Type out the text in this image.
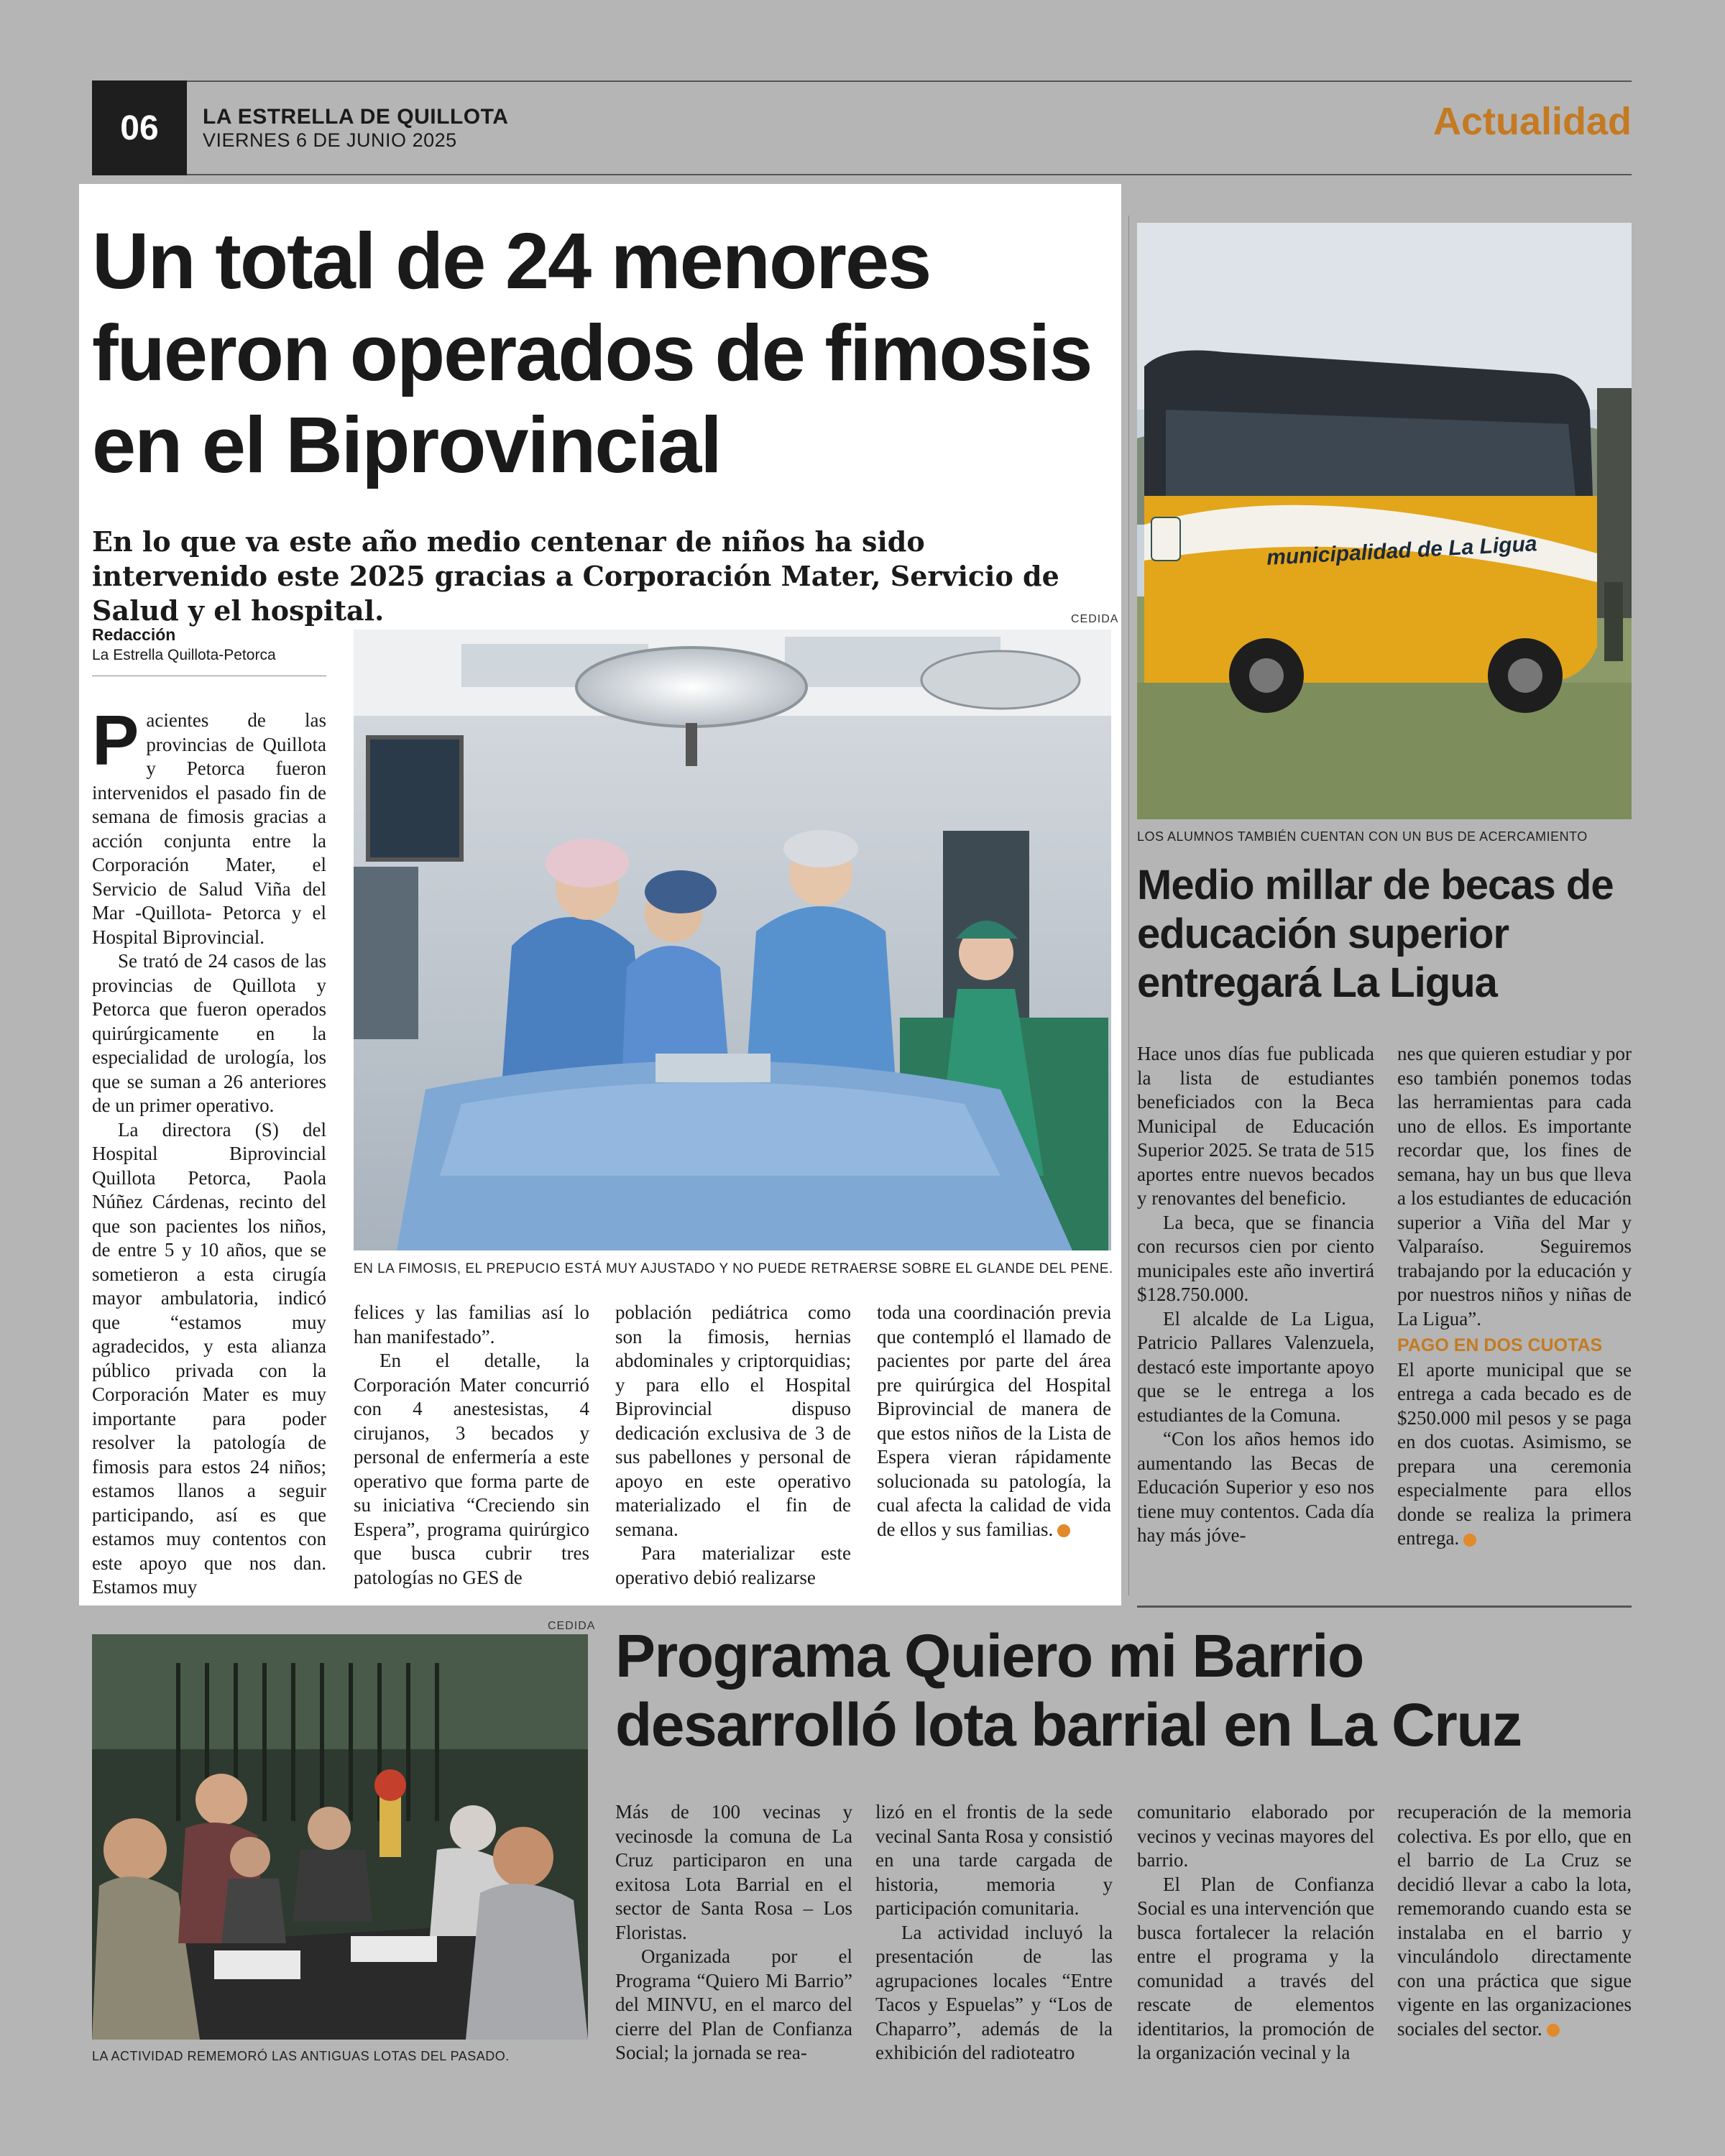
06	LA ESTRELLA DE QUILLOTA
VIERNES 6 DE JUNIO 2025	Actualidad
Un total de 24 menores fueron operados de fimosis en el Biprovincial
En lo que va este año medio centenar de niños ha sido intervenido este 2025 gracias a Corporación Mater, Servicio de Salud y el hospital.
Redacción
La Estrella Quillota-Petorca
CEDIDA
EN LA FIMOSIS, EL PREPUCIO ESTÁ MUY AJUSTADO Y NO PUEDE RETRAERSE SOBRE EL GLANDE DEL PENE.

Pacientes de las provincias de Quillota y Petorca fueron intervenidos el pasado fin de semana de fimosis gracias a acción conjunta entre la Corporación Mater, el Servicio de Salud Viña del Mar -Quillota- Petorca y el Hospital Biprovincial.

Se trató de 24 casos de las provincias de Quillota y Petorca que fueron operados quirúrgicamente en la especialidad de urología, los que se suman a 26 anteriores de un primer operativo.

La directora (S) del Hospital Biprovincial Quillota Petorca, Paola Núñez Cárdenas, recinto del que son pacientes los niños, de entre 5 y 10 años, que se sometieron a esta cirugía mayor ambulatoria, indicó que “estamos muy agradecidos, y esta alianza público privada con la Corporación Mater es muy importante para poder resolver la patología de fimosis para estos 24 niños; estamos llanos a seguir participando, así es que estamos muy contentos con este apoyo que nos dan. Estamos muy

felices y las familias así lo han manifestado”.

En el detalle, la Corporación Mater concurrió con 4 anestesistas, 4 cirujanos, 3 becados y personal de enfermería a este operativo que forma parte de su iniciativa “Creciendo sin Espera”, programa quirúrgico que busca cubrir tres patologías no GES de

población pediátrica como son la fimosis, hernias abdominales y criptorquidias; y para ello el Hospital Biprovincial dispuso dedicación exclusiva de 3 de sus pabellones y personal de apoyo en este operativo materializado el fin de semana.

Para materializar este operativo debió realizarse

toda una coordinación previa que contempló el llamado de pacientes por parte del área pre quirúrgica del Hospital Biprovincial de manera de que estos niños de la Lista de Espera vieran rápidamente solucionada su patología, la cual afecta la calidad de vida de ellos y sus familias.

municipalidad de La Ligua
LOS ALUMNOS TAMBIÉN CUENTAN CON UN BUS DE ACERCAMIENTO
Medio millar de becas de educación superior entregará La Ligua

Hace unos días fue publicada la lista de estudiantes beneficiados con la Beca Municipal de Educación Superior 2025. Se trata de 515 aportes entre nuevos becados y renovantes del beneficio.

La beca, que se financia con recursos cien por ciento municipales este año invertirá $128.750.000.

El alcalde de La Ligua, Patricio Pallares Valenzuela, destacó este importante apoyo que se le entrega a los estudiantes de la Comuna.

“Con los años hemos ido aumentando las Becas de Educación Superior y eso nos tiene muy contentos. Cada día hay más jóve-

nes que quieren estudiar y por eso también ponemos todas las herramientas para cada uno de ellos. Es importante recordar que, los fines de semana, hay un bus que lleva a los estudiantes de educación superior a Viña del Mar y Valparaíso. Seguiremos trabajando por la educación y por nuestros niños y niñas de La Ligua”.

PAGO EN DOS CUOTAS

El aporte municipal que se entrega a cada becado es de $250.000 mil pesos y se paga en dos cuotas. Asimismo, se prepara una ceremonia especialmente para ellos donde se realiza la primera entrega.

CEDIDA
LA ACTIVIDAD REMEMORÓ LAS ANTIGUAS LOTAS DEL PASADO.
Programa Quiero mi Barrio desarrolló lota barrial en La Cruz

Más de 100 vecinas y vecinosde la comuna de La Cruz participaron en una exitosa Lota Barrial en el sector de Santa Rosa – Los Floristas.

Organizada por el Programa “Quiero Mi Barrio” del MINVU, en el marco del cierre del Plan de Confianza Social; la jornada se rea-

lizó en el frontis de la sede vecinal Santa Rosa y consistió en una tarde cargada de historia, memoria y participación comunitaria.

La actividad incluyó la presentación de las agrupaciones locales “Entre Tacos y Espuelas” y “Los de Chaparro”, además de la exhibición del radioteatro

comunitario elaborado por vecinos y vecinas mayores del barrio.

El Plan de Confianza Social es una intervención que busca fortalecer la relación entre el programa y la comunidad a través del rescate de elementos identitarios, la promoción de la organización vecinal y la

recuperación de la memoria colectiva. Es por ello, que en el barrio de La Cruz se decidió llevar a cabo la lota, rememorando cuando esta se instalaba en el barrio y vinculándolo directamente con una práctica que sigue vigente en las organizaciones sociales del sector.
